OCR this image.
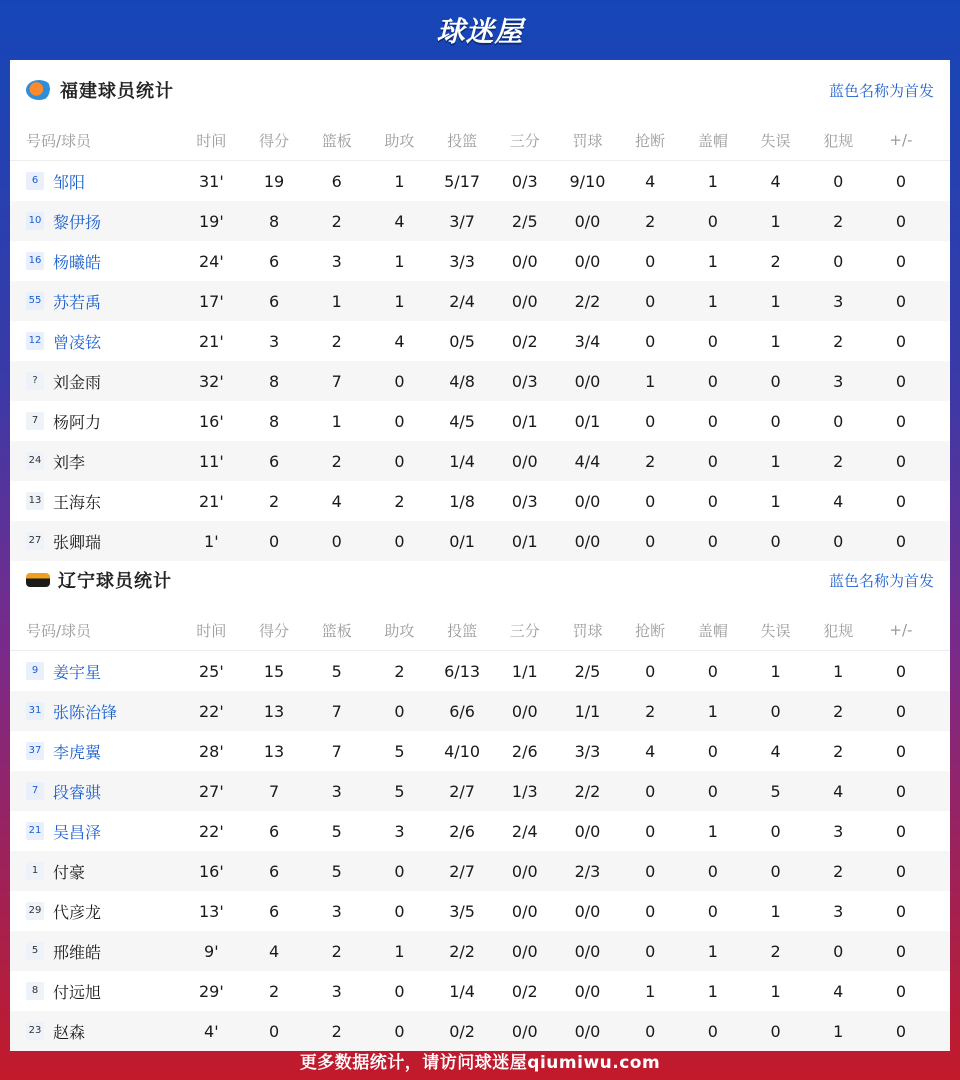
球迷屋
福建球员统计	蓝色名称为首发
号码/球员	时间	得分	篮板	助攻	投篮	三分	罚球	抢断	盖帽	失误	犯规	+/-
6 邹阳	31'	19	6	1	5/17	0/3	9/10	4	1	4	0	0
10 黎伊扬	19'	8	2	4	3/7	2/5	0/0	2	0	1	2	0
16 杨曦皓	24'	6	3	1	3/3	0/0	0/0	0	1	2	0	0
55 苏若禹	17'	6	1	1	2/4	0/0	2/2	0	1	1	3	0
12 曾凌铉	21'	3	2	4	0/5	0/2	3/4	0	0	1	2	0
? 刘金雨	32'	8	7	0	4/8	0/3	0/0	1	0	0	3	0
7 杨阿力	16'	8	1	0	4/5	0/1	0/1	0	0	0	0	0
24 刘李	11'	6	2	0	1/4	0/0	4/4	2	0	1	2	0
13 王海东	21'	2	4	2	1/8	0/3	0/0	0	0	1	4	0
27 张卿瑞	1'	0	0	0	0/1	0/1	0/0	0	0	0	0	0
辽宁球员统计	蓝色名称为首发
号码/球员	时间	得分	篮板	助攻	投篮	三分	罚球	抢断	盖帽	失误	犯规	+/-
9 姜宇星	25'	15	5	2	6/13	1/1	2/5	0	0	1	1	0
31 张陈治锋	22'	13	7	0	6/6	0/0	1/1	2	1	0	2	0
37 李虎翼	28'	13	7	5	4/10	2/6	3/3	4	0	4	2	0
7 段睿骐	27'	7	3	5	2/7	1/3	2/2	0	0	5	4	0
21 吴昌泽	22'	6	5	3	2/6	2/4	0/0	0	1	0	3	0
1 付豪	16'	6	5	0	2/7	0/0	2/3	0	0	0	2	0
29 代彦龙	13'	6	3	0	3/5	0/0	0/0	0	0	1	3	0
5 邢维皓	9'	4	2	1	2/2	0/0	0/0	0	1	2	0	0
8 付远旭	29'	2	3	0	1/4	0/2	0/0	1	1	1	4	0
23 赵森	4'	0	2	0	0/2	0/0	0/0	0	0	0	1	0
更多数据统计，请访问球迷屋qiumiwu.com
